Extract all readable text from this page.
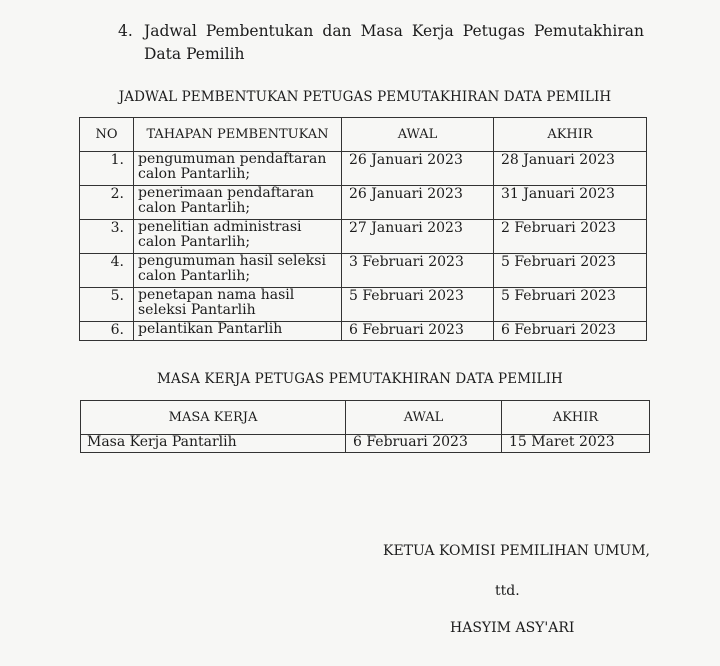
4. Jadwal Pembentukan dan Masa Kerja Petugas Pemutakhiran Data Pemilih
JADWAL PEMBENTUKAN PETUGAS PEMUTAKHIRAN DATA PEMILIH
NO	TAHAPAN PEMBENTUKAN	AWAL	AKHIR
1.	pengumuman pendaftaran calon Pantarlih;	26 Januari 2023	28 Januari 2023
2.	penerimaan pendaftaran calon Pantarlih;	26 Januari 2023	31 Januari 2023
3.	penelitian administrasi calon Pantarlih;	27 Januari 2023	2 Februari 2023
4.	pengumuman hasil seleksi calon Pantarlih;	3 Februari 2023	5 Februari 2023
5.	penetapan nama hasil seleksi Pantarlih	5 Februari 2023	5 Februari 2023
6.	pelantikan Pantarlih	6 Februari 2023	6 Februari 2023
MASA KERJA PETUGAS PEMUTAKHIRAN DATA PEMILIH
MASA KERJA	AWAL	AKHIR
Masa Kerja Pantarlih	6 Februari 2023	15 Maret 2023
KETUA KOMISI PEMILIHAN UMUM,
ttd.
HASYIM ASY'ARI
